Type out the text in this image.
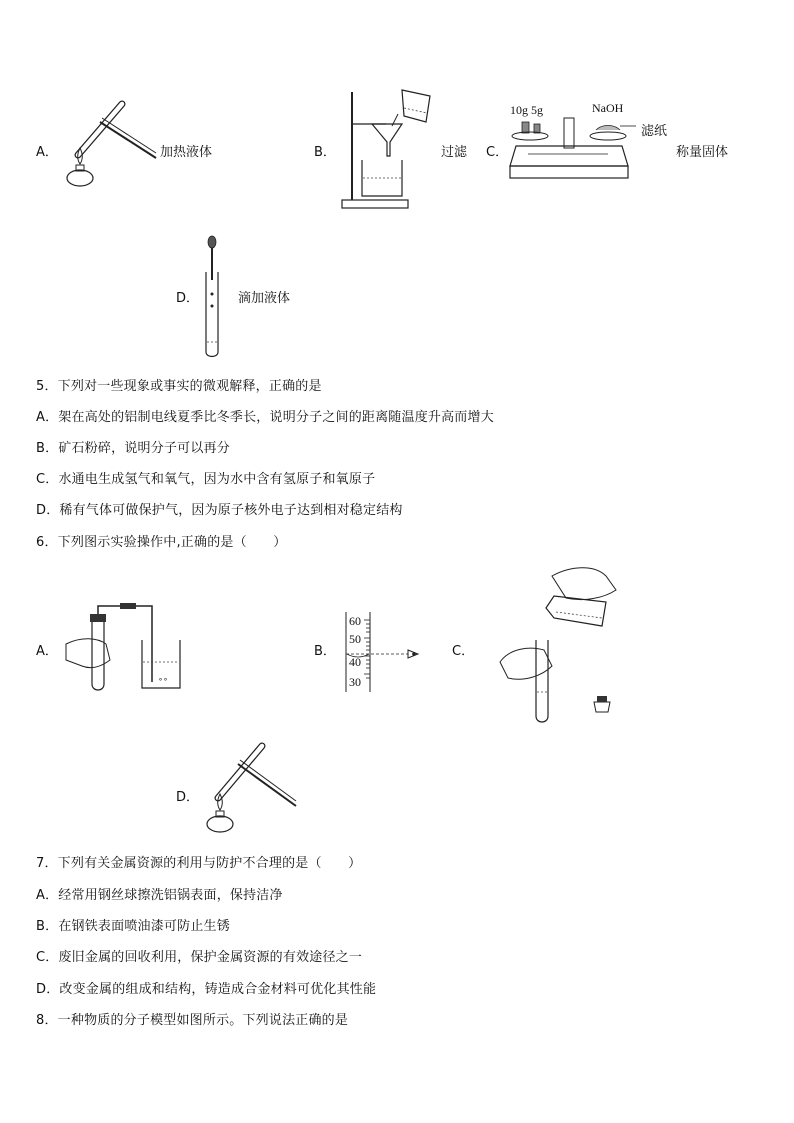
A．	加热液体	B．	过滤 C．
10g 5g	NaOH
滤纸
称量固体
D．	滴加液体
5．下列对一些现象或事实的微观解释，正确的是
A．架在高处的铝制电线夏季比冬季长，说明分子之间的距离随温度升高而增大
B．矿石粉碎，说明分子可以再分
C．水通电生成氢气和氧气，因为水中含有氢原子和氧原子
D．稀有气体可做保护气，因为原子核外电子达到相对稳定结构
6．下列图示实验操作中,正确的是（　　）
A．
∘∘
B．
60
50
40
30
C．
D．
7．下列有关金属资源的利用与防护不合理的是（　　）
A．经常用钢丝球擦洗铝锅表面，保持洁净
B．在钢铁表面喷油漆可防止生锈
C．废旧金属的回收利用，保护金属资源的有效途径之一
D．改变金属的组成和结构，铸造成合金材料可优化其性能
8．一种物质的分子模型如图所示。下列说法正确的是
